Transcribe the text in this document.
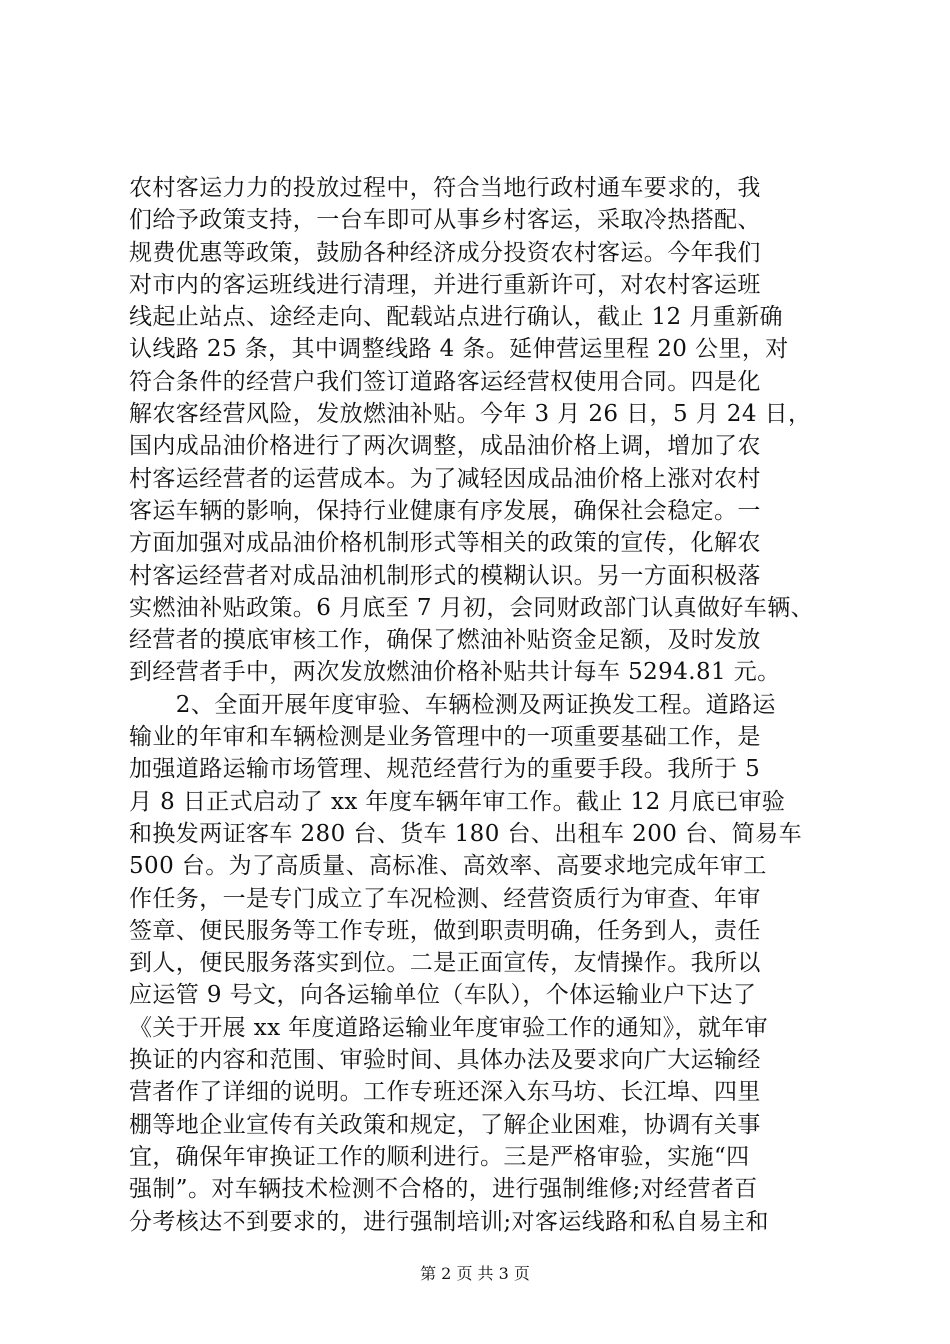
农村客运力力的投放过程中，符合当地行政村通车要求的，我
们给予政策支持，一台车即可从事乡村客运，采取冷热搭配、
规费优惠等政策，鼓励各种经济成分投资农村客运。今年我们
对市内的客运班线进行清理，并进行重新许可，对农村客运班
线起止站点、途经走向、配载站点进行确认，截止 12 月重新确
认线路 25 条，其中调整线路 4 条。延伸营运里程 20 公里，对
符合条件的经营户我们签订道路客运经营权使用合同。四是化
解农客经营风险，发放燃油补贴。今年 3 月 26 日，5 月 24 日，
国内成品油价格进行了两次调整，成品油价格上调，增加了农
村客运经营者的运营成本。为了减轻因成品油价格上涨对农村
客运车辆的影响，保持行业健康有序发展，确保社会稳定。一
方面加强对成品油价格机制形式等相关的政策的宣传，化解农
村客运经营者对成品油机制形式的模糊认识。另一方面积极落
实燃油补贴政策。6 月底至 7 月初，会同财政部门认真做好车辆、
经营者的摸底审核工作，确保了燃油补贴资金足额，及时发放
到经营者手中，两次发放燃油价格补贴共计每车 5294.81 元。
　　2、全面开展年度审验、车辆检测及两证换发工程。道路运
输业的年审和车辆检测是业务管理中的一项重要基础工作，是
加强道路运输市场管理、规范经营行为的重要手段。我所于 5
月 8 日正式启动了 xx 年度车辆年审工作。截止 12 月底已审验
和换发两证客车 280 台、货车 180 台、出租车 200 台、简易车
500 台。为了高质量、高标准、高效率、高要求地完成年审工
作任务，一是专门成立了车况检测、经营资质行为审查、年审
签章、便民服务等工作专班，做到职责明确，任务到人，责任
到人，便民服务落实到位。二是正面宣传，友情操作。我所以
应运管 9 号文，向各运输单位（车队），个体运输业户下达了
《关于开展 xx 年度道路运输业年度审验工作的通知》，就年审
换证的内容和范围、审验时间、具体办法及要求向广大运输经
营者作了详细的说明。工作专班还深入东马坊、长江埠、四里
棚等地企业宣传有关政策和规定，了解企业困难，协调有关事
宜，确保年审换证工作的顺利进行。三是严格审验，实施“四
强制”。对车辆技术检测不合格的，进行强制维修;对经营者百
分考核达不到要求的，进行强制培训;对客运线路和私自易主和
第 2 页 共 3 页
